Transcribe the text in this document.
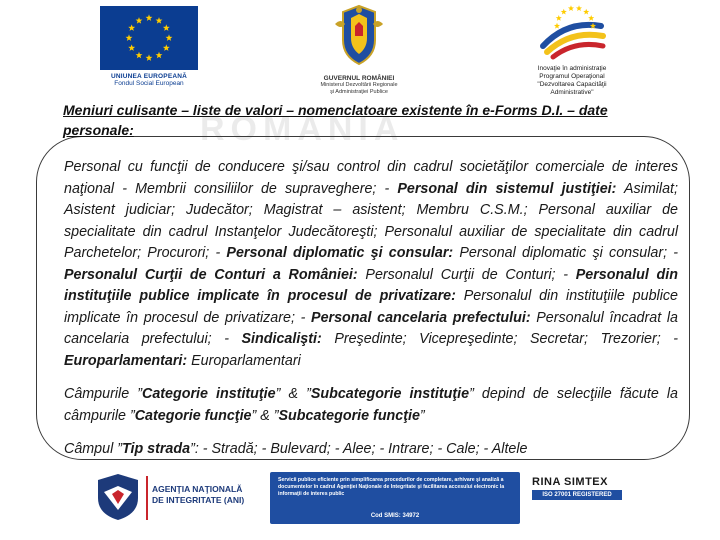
UNIUNEA EUROPEANĂ
Fondul Social European
GUVERNUL ROMÂNIEI
Ministerul Dezvoltării Regionale
şi Administraţiei Publice
Inovaţie în administraţie
Programul Operaţional
"Dezvoltarea Capacităţii
Administrative"
ROMÂNIA
Meniuri culisante – liste de valori – nomenclatoare existente în e-Forms D.I. – date personale:

Personal cu funcţii de conducere şi/sau control din cadrul societăţilor comerciale de interes naţional - Membrii consiliilor de supraveghere; - Personal din sistemul justiţiei: Asimilat; Asistent judiciar; Judecător; Magistrat – asistent; Membru C.S.M.; Personal auxiliar de specialitate din cadrul Instanţelor Judecătoreşti; Personalul auxiliar de specialitate din cadrul Parchetelor; Procurori; - Personal diplomatic şi consular: Personal diplomatic şi consular; - Personalul Curţii de Conturi a României: Personalul Curţii de Conturi; - Personalul din instituţiile publice implicate în procesul de privatizare: Personalul din instituţiile publice implicate în procesul de privatizare; - Personal cancelaria prefectului: Personalul încadrat la cancelaria prefectului; - Sindicalişti: Preşedinte; Vicepreşedinte; Secretar; Trezorier; - Europarlamentari: Europarlamentari

Câmpurile ”Categorie instituţie” & ”Subcategorie instituţie” depind de selecţiile făcute la câmpurile ”Categorie funcţie” & ”Subcategorie funcţie”

Câmpul ”Tip strada”: - Stradă; - Bulevard; - Alee; - Intrare; - Cale; - Altele

AGENŢIA NAŢIONALĂ
DE INTEGRITATE (ANI)
Servicii publice eficiente prin simplificarea procedurilor de completare, arhivare şi analiză a documentelor în cadrul Agenţiei Naţionale de Integritate şi facilitarea accesului electronic la informaţii de interes public
Cod SMIS: 34972
RINA SIMTEX
ISO 27001 REGISTERED
